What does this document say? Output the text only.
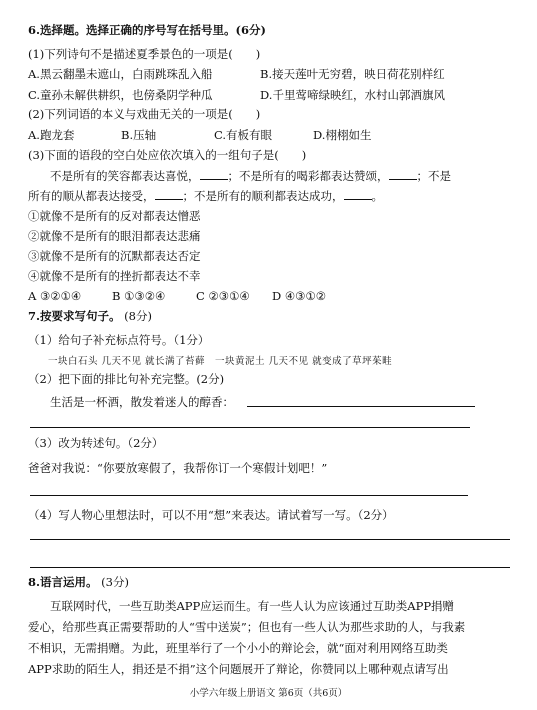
6.选择题。选择正确的序号写在括号里。(6分)
(1)下列诗句不是描述夏季景色的一项是(　　)
A.黑云翻墨未遮山，白雨跳珠乱入船	B.接天莲叶无穷碧，映日荷花别样红
C.童孙未解供耕织，也傍桑阴学种瓜	D.千里莺啼绿映红，水村山郭酒旗风
(2)下列词语的本义与戏曲无关的一项是(　　)
A.跑龙套	B.压轴	C.有板有眼	D.栩栩如生
(3)下面的语段的空白处应依次填入的一组句子是(　　)
不是所有的笑容都表达喜悦， ；不是所有的喝彩都表达赞颂， ；不是
所有的顺从都表达接受， ；不是所有的顺利都表达成功， 。
①就像不是所有的反对都表达憎恶
②就像不是所有的眼泪都表达悲痛
③就像不是所有的沉默都表达否定
④就像不是所有的挫折都表达不幸
A ③②①④	B ①③②④	C ②③①④ D ④③①②
7.按要求写句子。 (8分)
（1）给句子补充标点符号。（1分）
一块白石头 几天不见 就长满了苔藓　一块黄泥土 几天不见 就变成了草坪茱畦
（2）把下面的排比句补充完整。(2分)
生活是一杯酒，散发着迷人的醇香：
（3）改为转述句。（2分）
爸爸对我说：“你要放寒假了，我帮你订一个寒假计划吧！”
（4）写人物心里想法时，可以不用“想”来表达。请试着写一写。（2分）
8.语言运用。 (3分)
互联网时代，一些互助类APP应运而生。有一些人认为应该通过互助类APP捐赠
爱心，给那些真正需要帮助的人“雪中送炭”；但也有一些人认为那些求助的人，与我素
不相识，无需捐赠。为此，班里举行了一个小小的辩论会，就“面对利用网络互助类
APP求助的陌生人，捐还是不捐”这个问题展开了辩论，你赞同以上哪种观点请写出
小学六年级上册语文 第6页（共6页）
